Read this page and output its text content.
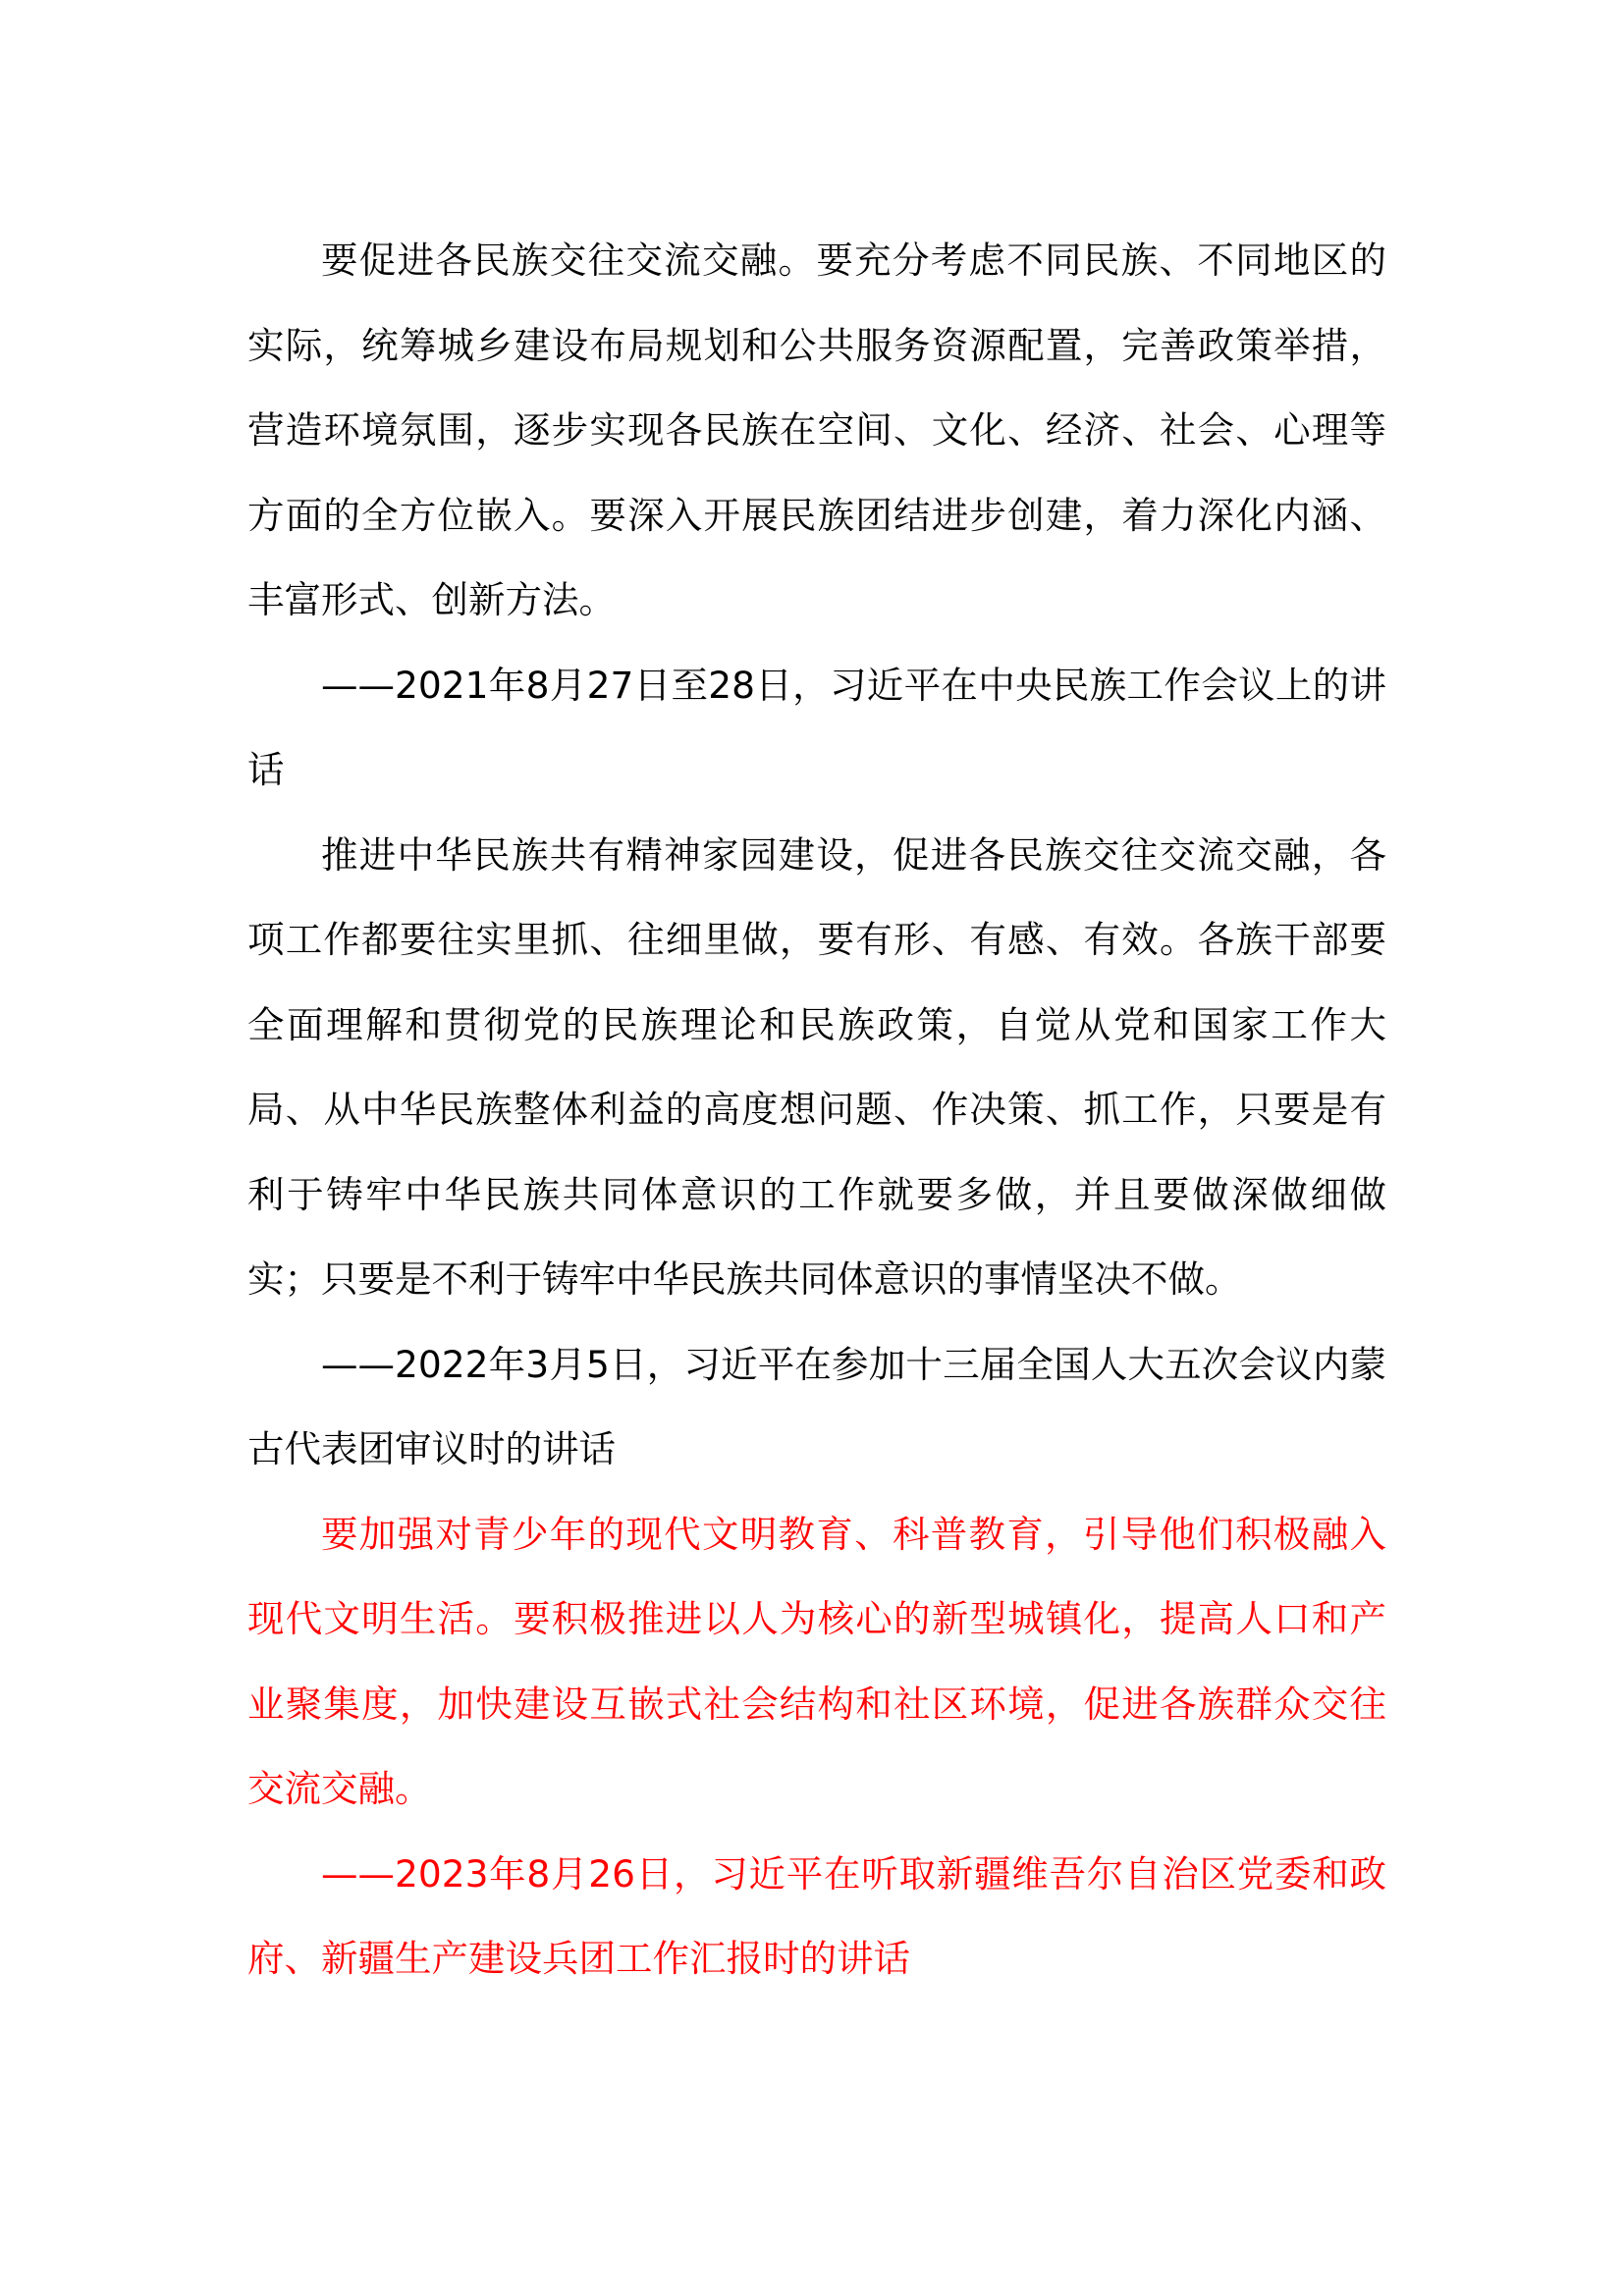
要促进各民族交往交流交融。要充分考虑不同民族、不同地区的实际，统筹城乡建设布局规划和公共服务资源配置，完善政策举措，营造环境氛围，逐步实现各民族在空间、文化、经济、社会、心理等方面的全方位嵌入。要深入开展民族团结进步创建，着力深化内涵、丰富形式、创新方法。

——2021年8月27日至28日，习近平在中央民族工作会议上的讲话

推进中华民族共有精神家园建设，促进各民族交往交流交融，各项工作都要往实里抓、往细里做，要有形、有感、有效。各族干部要全面理解和贯彻党的民族理论和民族政策，自觉从党和国家工作大局、从中华民族整体利益的高度想问题、作决策、抓工作，只要是有利于铸牢中华民族共同体意识的工作就要多做，并且要做深做细做实；只要是不利于铸牢中华民族共同体意识的事情坚决不做。

——2022年3月5日，习近平在参加十三届全国人大五次会议内蒙古代表团审议时的讲话

要加强对青少年的现代文明教育、科普教育，引导他们积极融入现代文明生活。要积极推进以人为核心的新型城镇化，提高人口和产业聚集度，加快建设互嵌式社会结构和社区环境，促进各族群众交往交流交融。

——2023年8月26日，习近平在听取新疆维吾尔自治区党委和政府、新疆生产建设兵团工作汇报时的讲话
